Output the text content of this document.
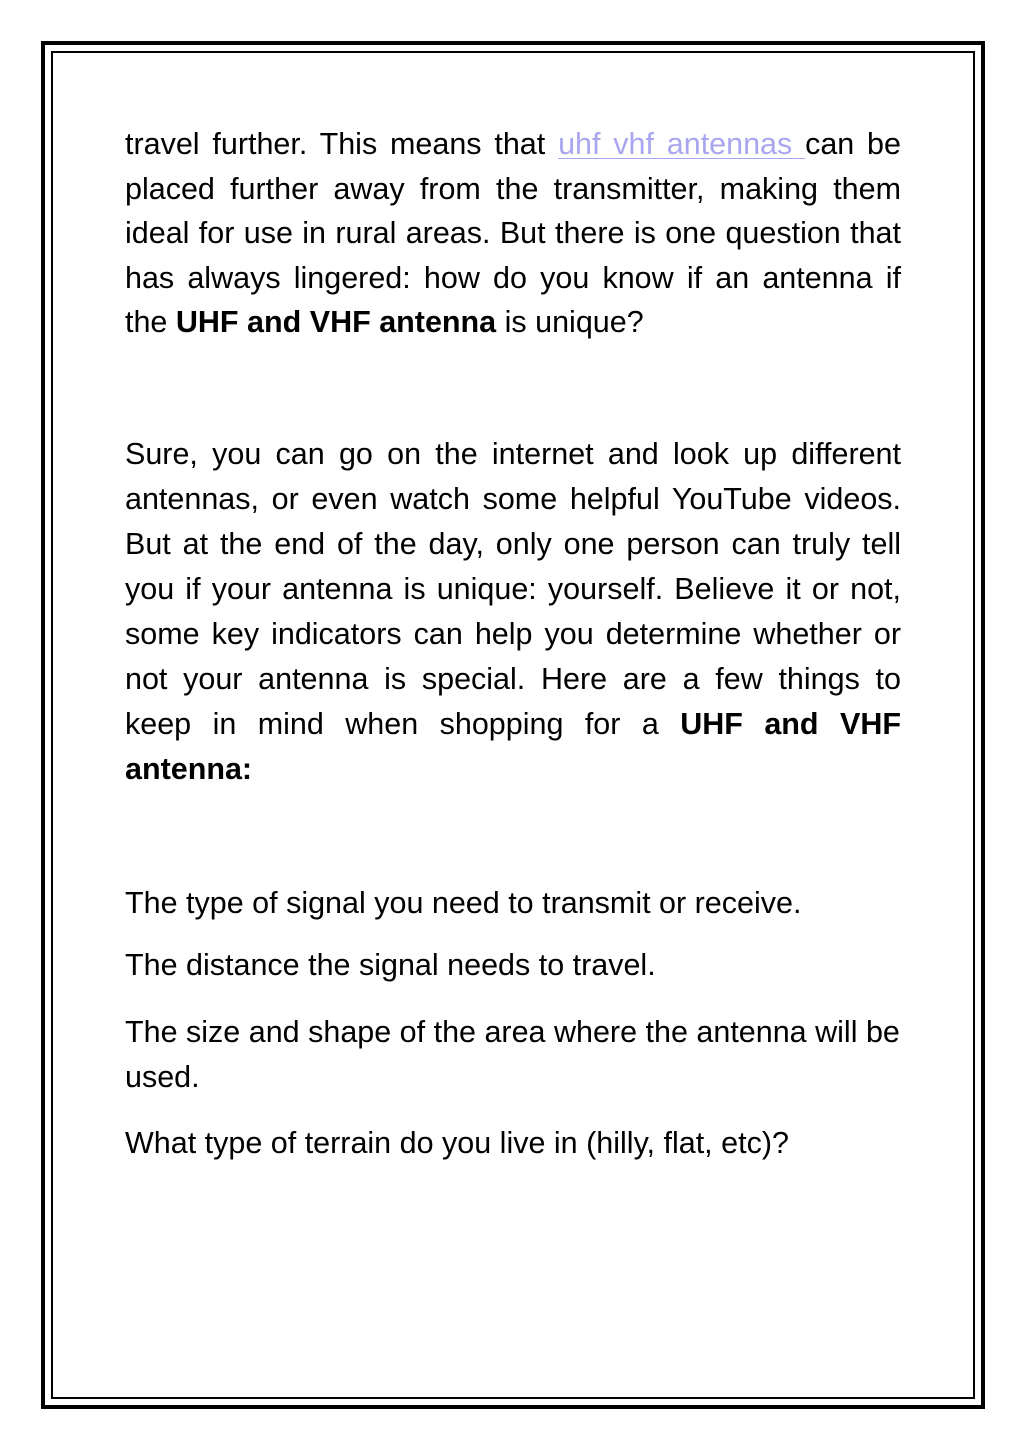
travel further. This means that uhf vhf antennas can be placed further away from the transmitter, making them ideal for use in rural areas. But there is one question that has always lingered: how do you know if an antenna if the UHF and VHF antenna is unique?

Sure, you can go on the internet and look up different antennas, or even watch some helpful YouTube videos. But at the end of the day, only one person can truly tell you if your antenna is unique: yourself. Believe it or not, some key indicators can help you determine whether or not your antenna is special. Here are a few things to keep in mind when shopping for a UHF and VHF antenna:

The type of signal you need to transmit or receive.

The distance the signal needs to travel.

The size and shape of the area where the antenna will be used.

What type of terrain do you live in (hilly, flat, etc)?
